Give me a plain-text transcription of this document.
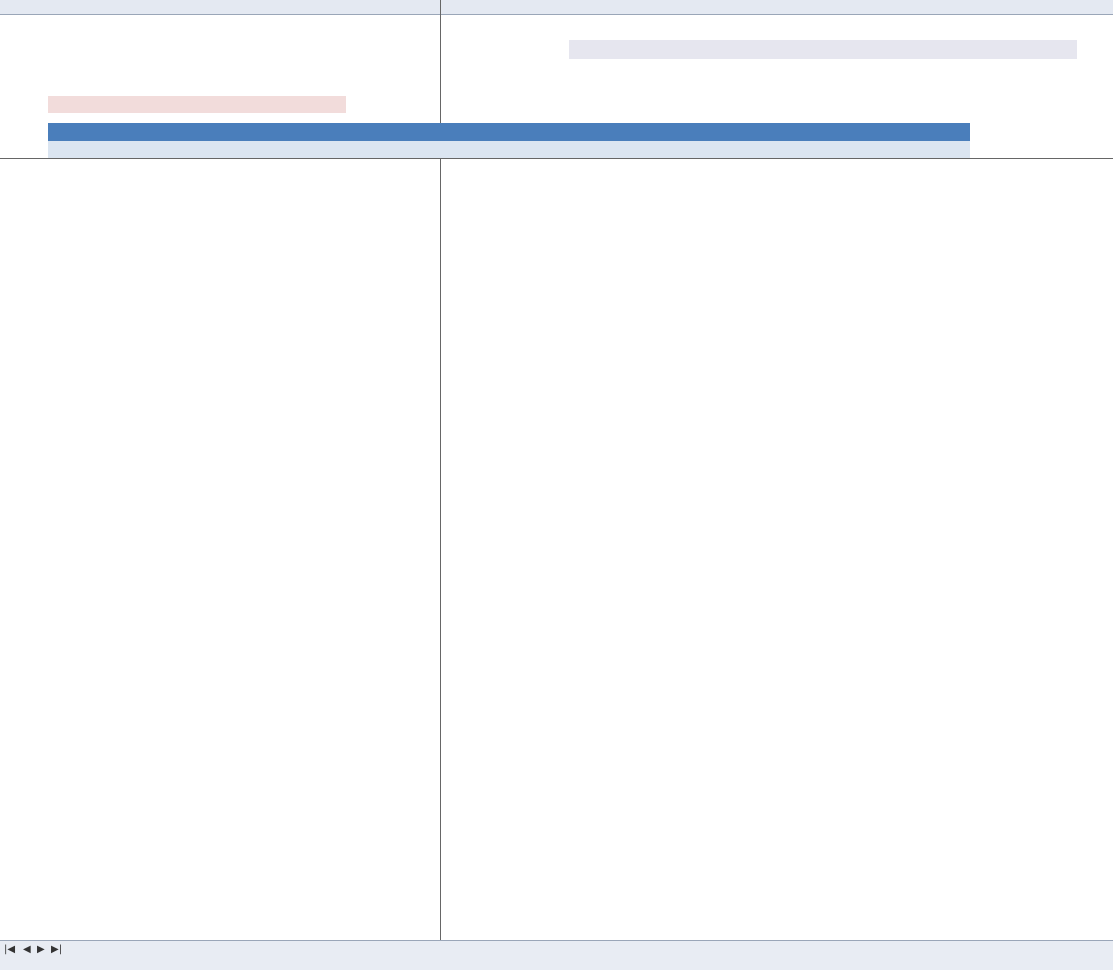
|◀ ◀ ▶ ▶|
